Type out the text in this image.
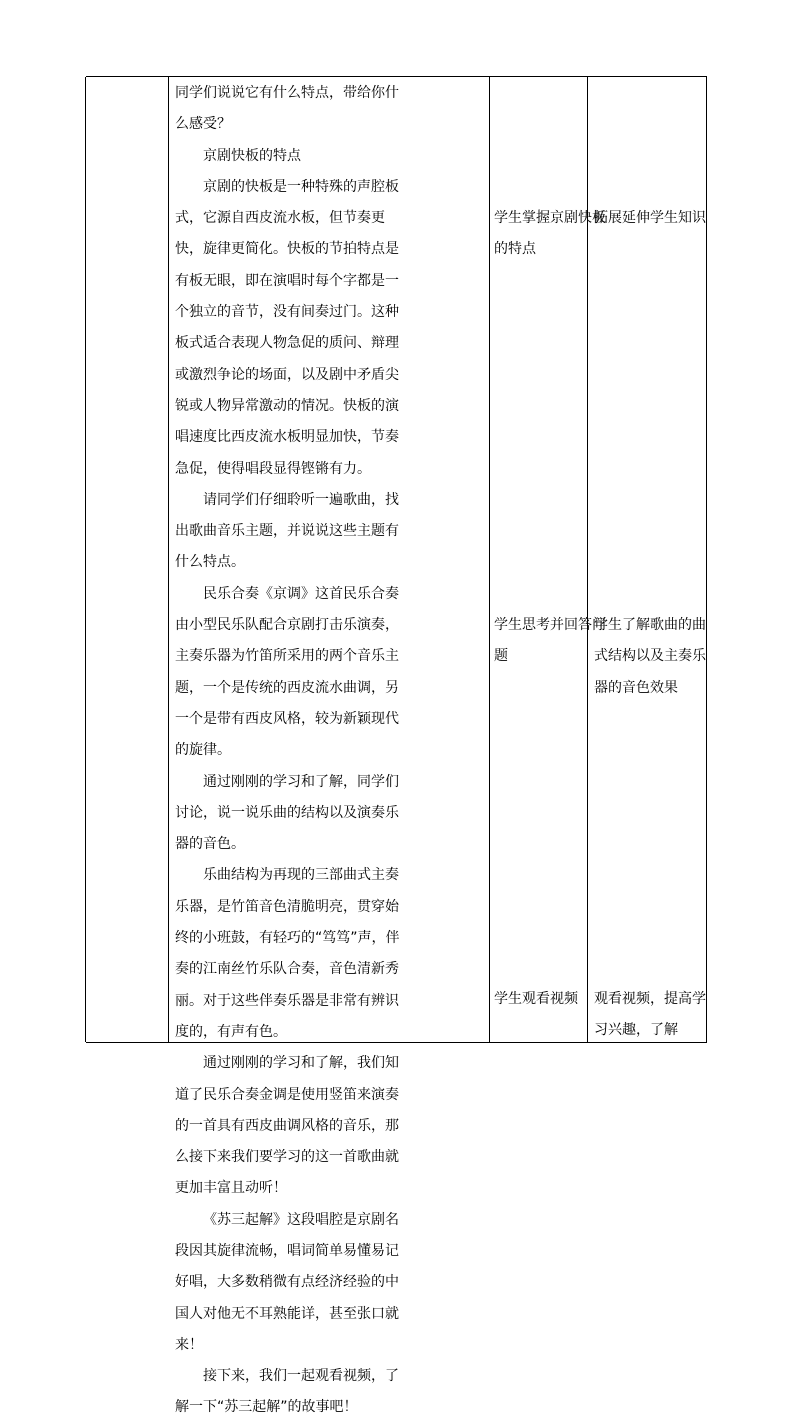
同学们说说它有什么特点，带给你什么感受？

京剧快板的特点

京剧的快板是一种特殊的声腔板式，它源自西皮流水板，但节奏更快，旋律更简化。快板的节拍特点是有板无眼，即在演唱时每个字都是一个独立的音节，没有间奏过门。这种板式适合表现人物急促的质问、辩理或激烈争论的场面，以及剧中矛盾尖锐或人物异常激动的情况。快板的演唱速度比西皮流水板明显加快，节奏急促，使得唱段显得铿锵有力。

请同学们仔细聆听一遍歌曲，找出歌曲音乐主题，并说说这些主题有什么特点。

民乐合奏《京调》这首民乐合奏由小型民乐队配合京剧打击乐演奏，主奏乐器为竹笛所采用的两个音乐主题，一个是传统的西皮流水曲调，另一个是带有西皮风格，较为新颖现代的旋律。

通过刚刚的学习和了解，同学们讨论，说一说乐曲的结构以及演奏乐器的音色。

乐曲结构为再现的三部曲式主奏乐器，是竹笛音色清脆明亮，贯穿始终的小班鼓，有轻巧的“笃笃”声，伴奏的江南丝竹乐队合奏，音色清新秀丽。对于这些伴奏乐器是非常有辨识度的，有声有色。

通过刚刚的学习和了解，我们知道了民乐合奏金调是使用竖笛来演奏的一首具有西皮曲调风格的音乐，那么接下来我们要学习的这一首歌曲就更加丰富且动听！

《苏三起解》这段唱腔是京剧名段因其旋律流畅，唱词简单易懂易记好唱，大多数稍微有点经济经验的中国人对他无不耳熟能详，甚至张口就来！

接下来，我们一起观看视频，了解一下“苏三起解”的故事吧！

学生掌握京剧快板的特点

学生思考并回答问题

学生观看视频

拓展延伸学生知识

学生了解歌曲的曲式结构以及主奏乐器的音色效果

观看视频，提高学习兴趣，了解
